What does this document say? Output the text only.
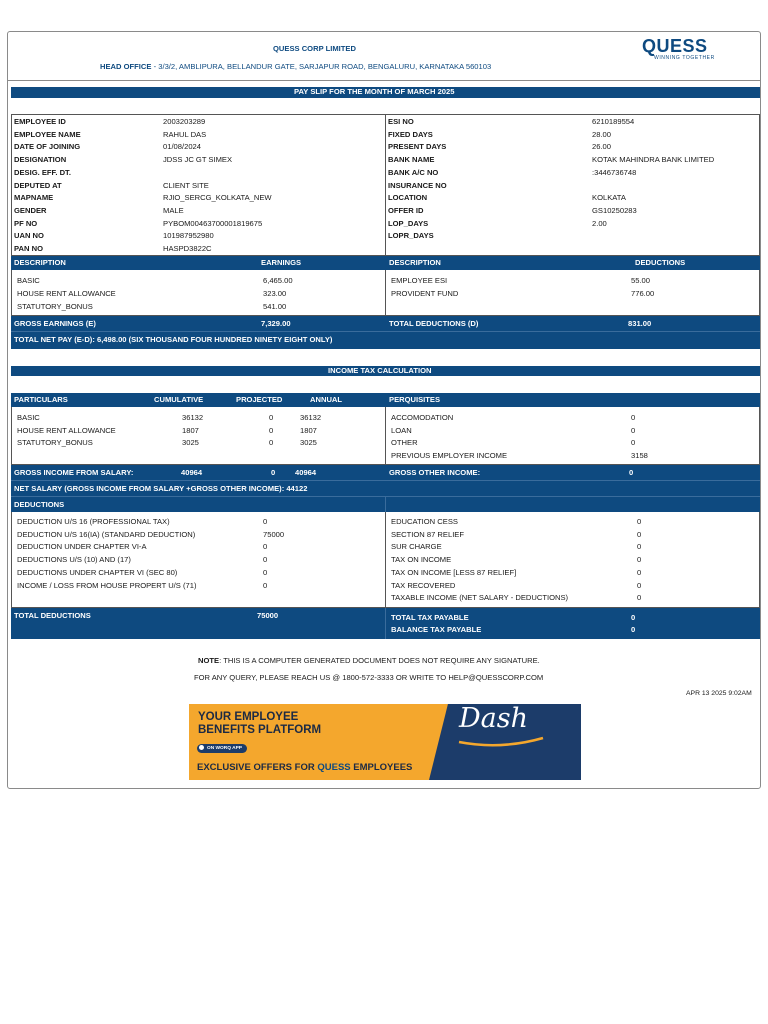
QUESS CORP LIMITED
HEAD OFFICE - 3/3/2, AMBLIPURA, BELLANDUR GATE, SARJAPUR ROAD, BENGALURU, KARNATAKA 560103
QUESS
WINNING TOGETHER
PAY SLIP FOR THE MONTH OF MARCH 2025
EMPLOYEE ID	2003203289
EMPLOYEE NAME	RAHUL DAS
DATE OF JOINING	01/08/2024
DESIGNATION	JDSS JC GT SIMEX
DESIG. EFF. DT.
DEPUTED AT	CLIENT SITE
MAPNAME	RJIO_SERCG_KOLKATA_NEW
GENDER	MALE
PF NO	PYBOM00463700001819675
UAN NO	101987952980
PAN NO	HASPD3822C
ESI NO	6210189554
FIXED DAYS	28.00
PRESENT DAYS	26.00
BANK NAME	KOTAK MAHINDRA BANK LIMITED
BANK A/C NO	:3446736748
INSURANCE NO
LOCATION	KOLKATA
OFFER ID	GS10250283
LOP_DAYS	2.00
LOPR_DAYS
DESCRIPTION	EARNINGS	DESCRIPTION	DEDUCTIONS
BASIC	6,465.00
HOUSE RENT ALLOWANCE	323.00
STATUTORY_BONUS	541.00
EMPLOYEE ESI	55.00
PROVIDENT FUND	776.00
GROSS EARNINGS (E)	7,329.00	TOTAL DEDUCTIONS (D)	831.00
TOTAL NET PAY (E-D): 6,498.00 (SIX THOUSAND FOUR HUNDRED NINETY EIGHT ONLY)
INCOME TAX CALCULATION
PARTICULARS	CUMULATIVE	PROJECTED	ANNUAL	PERQUISITES
BASIC	36132	0	36132
HOUSE RENT ALLOWANCE	1807	0	1807
STATUTORY_BONUS	3025	0	3025
ACCOMODATION	0
LOAN	0
OTHER	0
PREVIOUS EMPLOYER INCOME	3158
GROSS INCOME FROM SALARY:	40964	0	40964	GROSS OTHER INCOME:	0
NET SALARY (GROSS INCOME FROM SALARY +GROSS OTHER INCOME): 44122
DEDUCTIONS
DEDUCTION U/S 16 (PROFESSIONAL TAX)	0
DEDUCTION U/S 16(IA) (STANDARD DEDUCTION)	75000
DEDUCTION UNDER CHAPTER VI-A	0
DEDUCTIONS U/S (10) AND (17)	0
DEDUCTIONS UNDER CHAPTER VI (SEC 80)	0
INCOME / LOSS FROM HOUSE PROPERT U/S (71)	0
EDUCATION CESS	0
SECTION 87 RELIEF	0
SUR CHARGE	0
TAX ON INCOME	0
TAX ON INCOME [LESS 87 RELIEF]	0
TAX RECOVERED	0
TAXABLE INCOME (NET SALARY - DEDUCTIONS)	0
TOTAL DEDUCTIONS	75000	TOTAL TAX PAYABLE	0
BALANCE TAX PAYABLE	0
NOTE: THIS IS A COMPUTER GENERATED DOCUMENT DOES NOT REQUIRE ANY SIGNATURE.
FOR ANY QUERY, PLEASE REACH US @ 1800-572-3333 OR WRITE TO HELP@QUESSCORP.COM
APR 13 2025 9:02AM
YOUR EMPLOYEE
BENEFITS PLATFORM
ON WORQ APP
EXCLUSIVE OFFERS FOR QUESS EMPLOYEES
Dash
